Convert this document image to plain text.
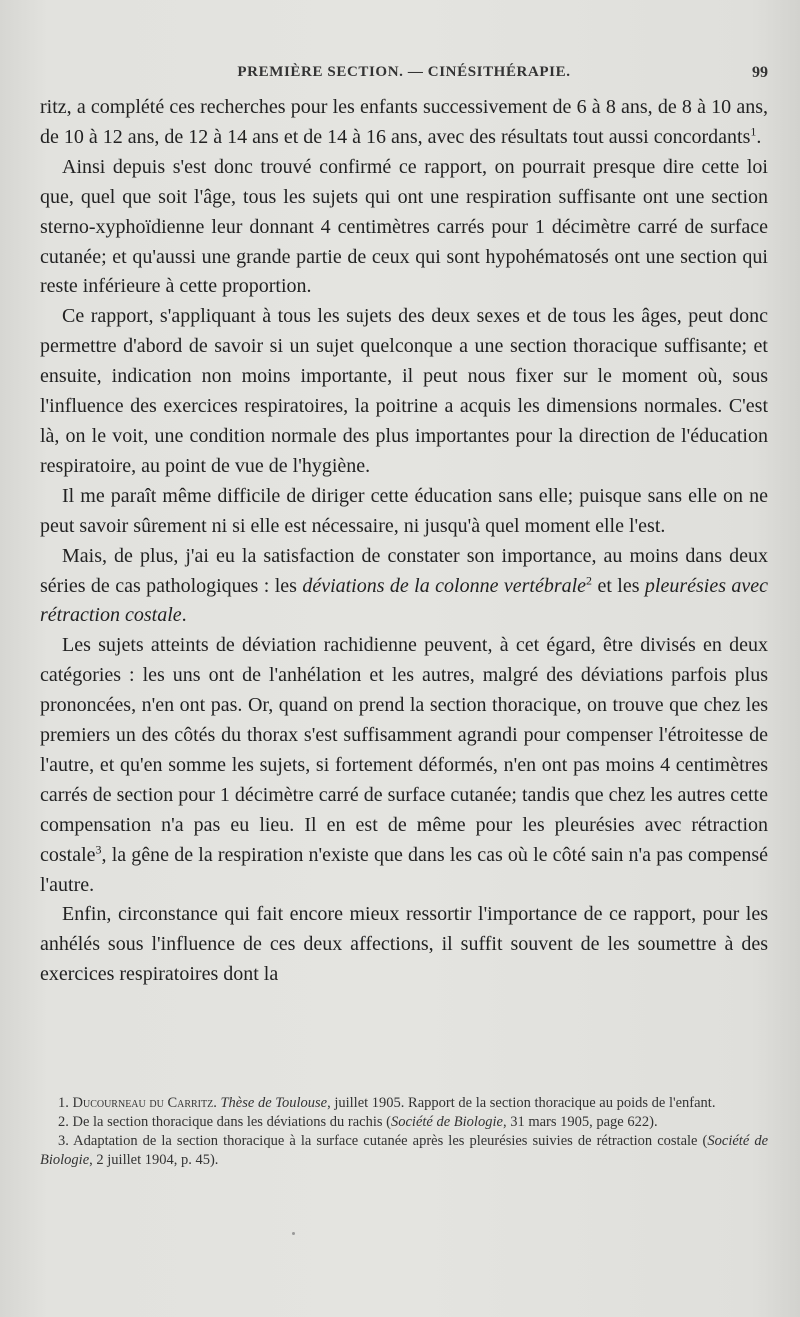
PREMIÈRE SECTION. — CINÉSITHÉRAPIE.	99

ritz, a complété ces recherches pour les enfants successivement de 6 à 8 ans, de 8 à 10 ans, de 10 à 12 ans, de 12 à 14 ans et de 14 à 16 ans, avec des résultats tout aussi concordants$^1$.

Ainsi depuis s'est donc trouvé confirmé ce rapport, on pourrait presque dire cette loi que, quel que soit l'âge, tous les sujets qui ont une respiration suffisante ont une section sterno-xyphoïdienne leur donnant 4 centimètres carrés pour 1 décimètre carré de surface cutanée; et qu'aussi une grande partie de ceux qui sont hypohématosés ont une section qui reste inférieure à cette proportion.

Ce rapport, s'appliquant à tous les sujets des deux sexes et de tous les âges, peut donc permettre d'abord de savoir si un sujet quelconque a une section thoracique suffisante; et ensuite, indication non moins importante, il peut nous fixer sur le moment où, sous l'influence des exercices respiratoires, la poitrine a acquis les dimensions normales. C'est là, on le voit, une condition normale des plus importantes pour la direction de l'éducation respiratoire, au point de vue de l'hygiène.

Il me paraît même difficile de diriger cette éducation sans elle; puisque sans elle on ne peut savoir sûrement ni si elle est nécessaire, ni jusqu'à quel moment elle l'est.

Mais, de plus, j'ai eu la satisfaction de constater son importance, au moins dans deux séries de cas pathologiques : les déviations de la colonne vertébrale$^2$ et les pleurésies avec rétraction costale.

Les sujets atteints de déviation rachidienne peuvent, à cet égard, être divisés en deux catégories : les uns ont de l'anhélation et les autres, malgré des déviations parfois plus prononcées, n'en ont pas. Or, quand on prend la section thoracique, on trouve que chez les premiers un des côtés du thorax s'est suffisamment agrandi pour compenser l'étroitesse de l'autre, et qu'en somme les sujets, si fortement déformés, n'en ont pas moins 4 centimètres carrés de section pour 1 décimètre carré de surface cutanée; tandis que chez les autres cette compensation n'a pas eu lieu. Il en est de même pour les pleurésies avec rétraction costale$^3$, la gêne de la respiration n'existe que dans les cas où le côté sain n'a pas compensé l'autre.

Enfin, circonstance qui fait encore mieux ressortir l'importance de ce rapport, pour les anhélés sous l'influence de ces deux affections, il suffit souvent de les soumettre à des exercices respiratoires dont la

1. Ducourneau du Carritz. Thèse de Toulouse, juillet 1905. Rapport de la section thoracique au poids de l'enfant.

2. De la section thoracique dans les déviations du rachis (Société de Biologie, 31 mars 1905, page 622).

3. Adaptation de la section thoracique à la surface cutanée après les pleurésies suivies de rétraction costale (Société de Biologie, 2 juillet 1904, p. 45).
